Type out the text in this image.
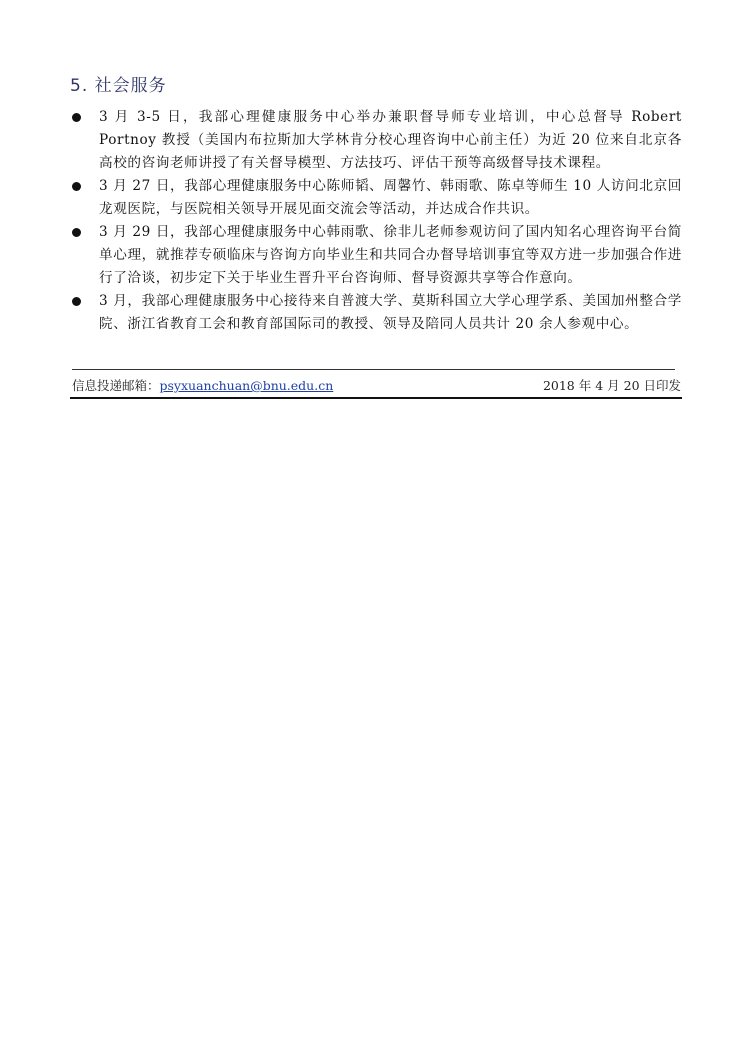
5. 社会服务
3 月 3-5 日，我部心理健康服务中心举办兼职督导师专业培训，中心总督导 Robert Portnoy 教授（美国内布拉斯加大学林肯分校心理咨询中心前主任）为近 20 位来自北京各高校的咨询老师讲授了有关督导模型、方法技巧、评估干预等高级督导技术课程。
3 月 27 日，我部心理健康服务中心陈师韬、周馨竹、韩雨歌、陈卓等师生 10 人访问北京回龙观医院，与医院相关领导开展见面交流会等活动，并达成合作共识。
3 月 29 日，我部心理健康服务中心韩雨歌、徐非儿老师参观访问了国内知名心理咨询平台简单心理，就推荐专硕临床与咨询方向毕业生和共同合办督导培训事宜等双方进一步加强合作进行了洽谈，初步定下关于毕业生晋升平台咨询师、督导资源共享等合作意向。
3 月，我部心理健康服务中心接待来自普渡大学、莫斯科国立大学心理学系、美国加州整合学院、浙江省教育工会和教育部国际司的教授、领导及陪同人员共计 20 余人参观中心。
信息投递邮箱：psyxuanchuan@bnu.edu.cn	2018 年 4 月 20 日印发
